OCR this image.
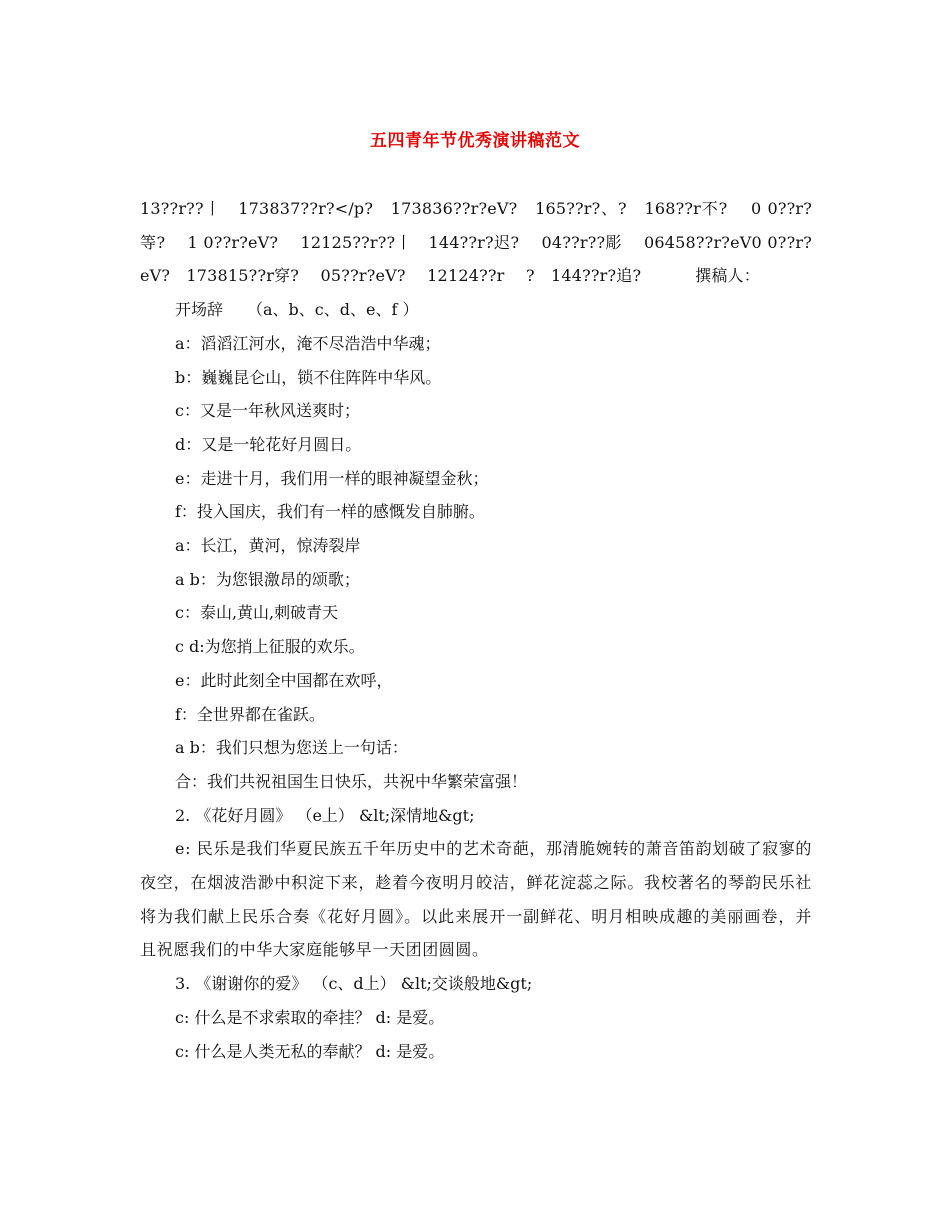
五四青年节优秀演讲稿范文
13??r??丨　173837??r?</p?　173836??r?eV?　165??r?、?　168??r不?　 0 0??r?等?　 1 0??r?eV?　 12125??r??丨　144??r?迟?　 04??r??彫　 06458??r?eV0 0??r?eV?　173815??r穿?　 05??r?eV?　 12124??r　 ?　144??r?追?　　　 撰稿人：
开场辞　　（a、b、c、d、e、f ）
a：滔滔江河水，淹不尽浩浩中华魂；
b：巍巍昆仑山，锁不住阵阵中华风。
c：又是一年秋风送爽时；
d：又是一轮花好月圆日。
e：走进十月，我们用一样的眼神凝望金秋；
f：投入国庆，我们有一样的感慨发自肺腑。
a：长江，黄河，惊涛裂岸
a b：为您银激昂的颂歌；
c：泰山,黄山,刺破青天
c d:为您捎上征服的欢乐。
e：此时此刻全中国都在欢呼，
f：全世界都在雀跃。
a b：我们只想为您送上一句话：
合：我们共祝祖国生日快乐，共祝中华繁荣富强！
2. 《花好月圆》 （e上） &lt;深情地&gt;
e: 民乐是我们华夏民族五千年历史中的艺术奇葩，那清脆婉转的萧音笛韵划破了寂寥的夜空，在烟波浩渺中积淀下来，趁着今夜明月皎洁，鲜花淀蕊之际。我校著名的琴韵民乐社将为我们献上民乐合奏《花好月圆》。以此来展开一副鲜花、明月相映成趣的美丽画卷，并且祝愿我们的中华大家庭能够早一天团团圆圆。
3. 《谢谢你的爱》 （c、d上） &lt;交谈般地&gt;
c: 什么是不求索取的牵挂？ d: 是爱。
c: 什么是人类无私的奉献？ d: 是爱。
